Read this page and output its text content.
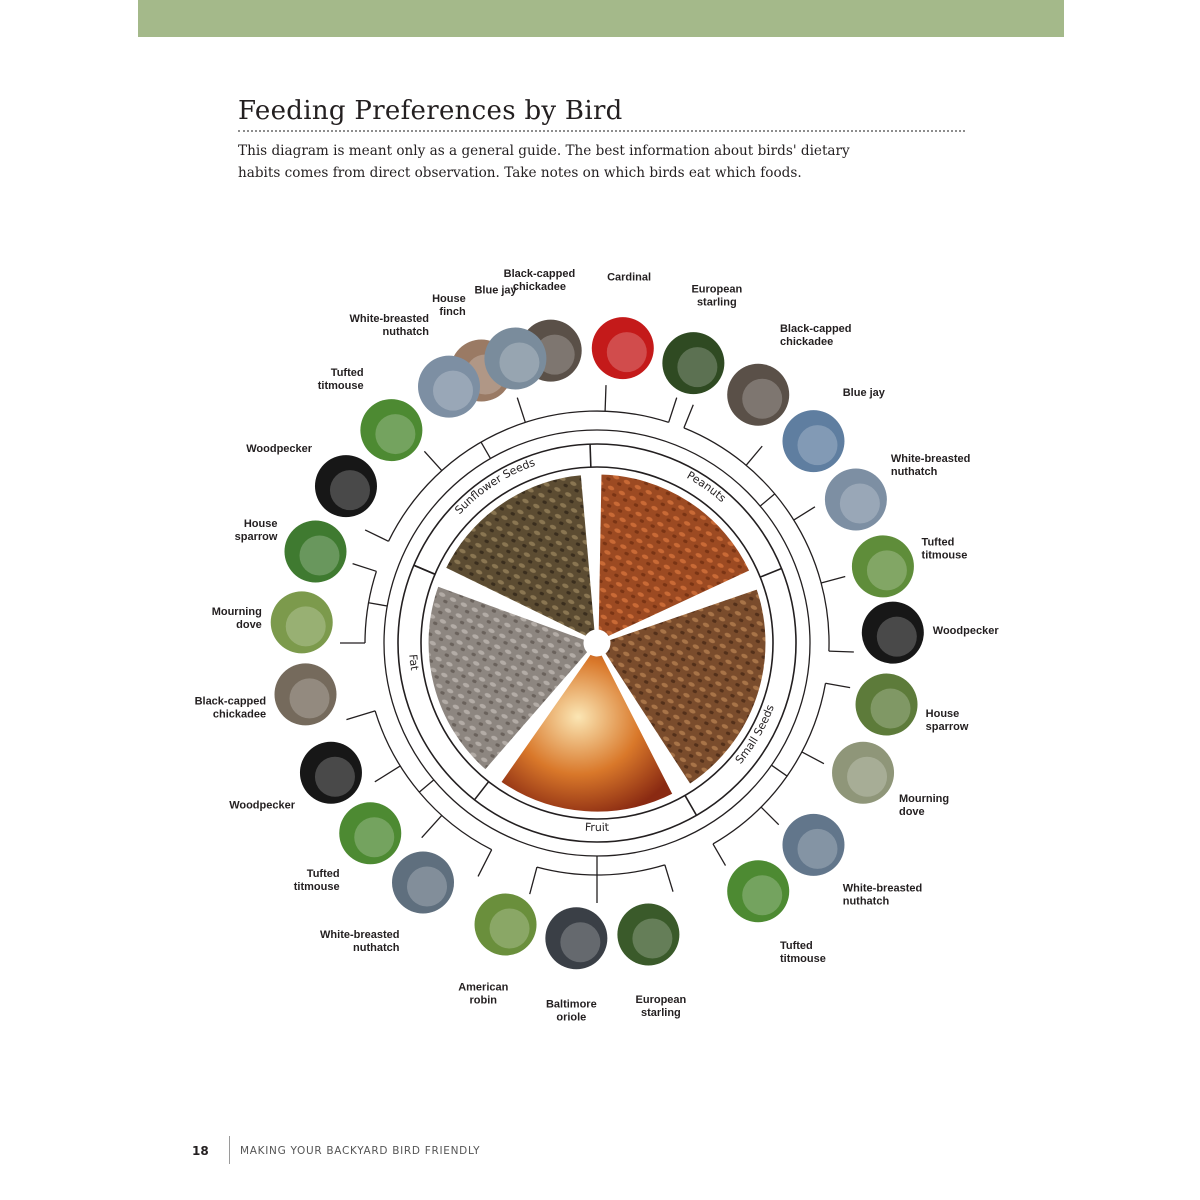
Feeding Preferences by Bird

This diagram is meant only as a general guide. The best information about birds' dietary habits comes from direct observation. Take notes on which birds eat which foods.

Sunflower Seeds
Peanuts
Small Seeds
Fruit
Fat
House finch
Black-capped chickadee
Cardinal
European starling
Black-capped chickadee
Blue jay
White-breasted nuthatch
Tufted titmouse
Woodpecker
House sparrow
Mourning dove
White-breasted nuthatch
Tufted titmouse
European starling
Baltimore oriole
American robin
White-breasted nuthatch
Tufted titmouse
Woodpecker
Black-capped chickadee
Mourning dove
House sparrow
Woodpecker
Tufted titmouse
White-breasted nuthatch
Blue jay
18	MAKING YOUR BACKYARD BIRD FRIENDLY
